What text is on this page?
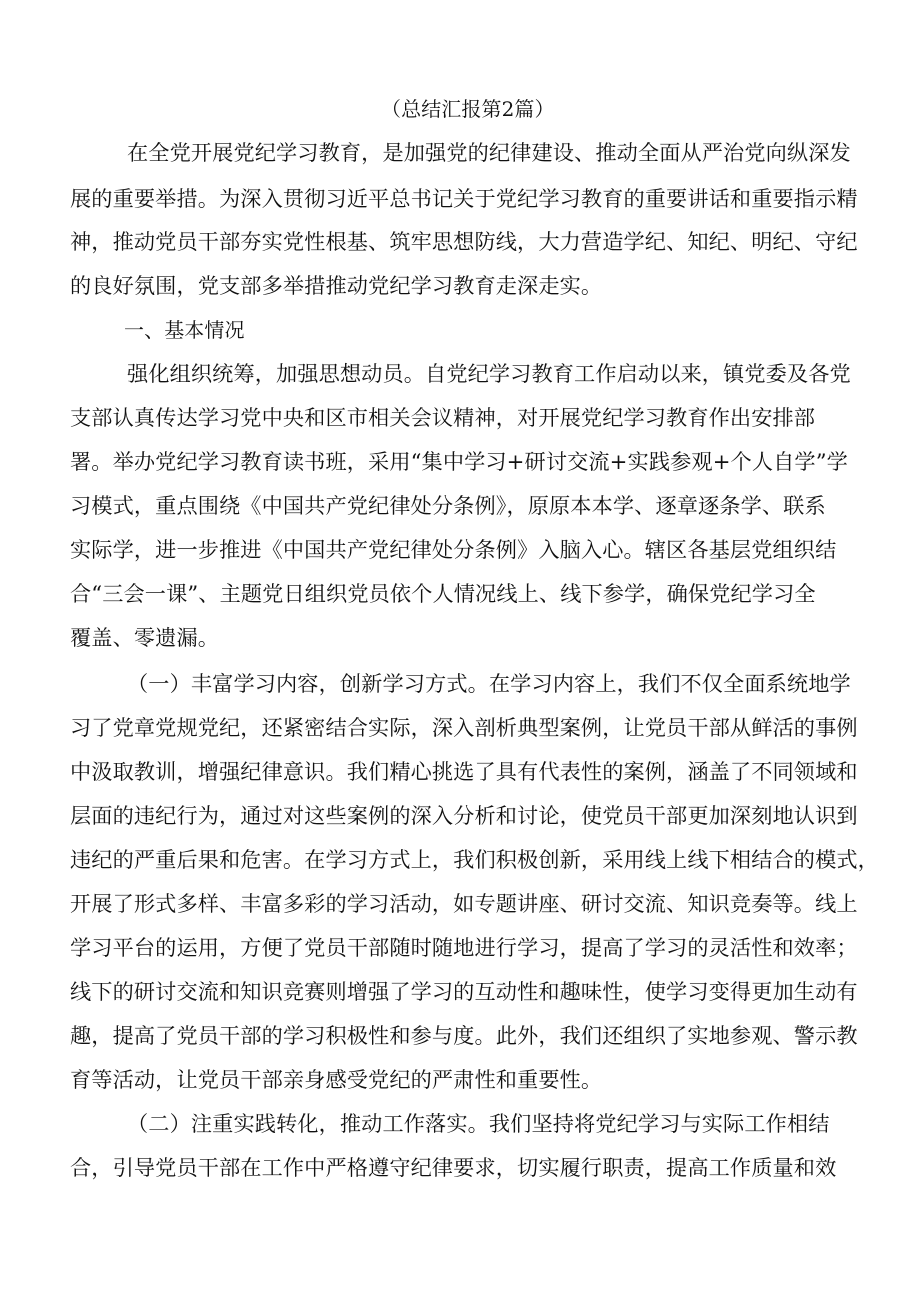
（总结汇报第2篇）
在全党开展党纪学习教育，是加强党的纪律建设、推动全面从严治党向纵深发
展的重要举措。为深入贯彻习近平总书记关于党纪学习教育的重要讲话和重要指示精
神，推动党员干部夯实党性根基、筑牢思想防线，大力营造学纪、知纪、明纪、守纪
的良好氛围，党支部多举措推动党纪学习教育走深走实。
一、基本情况
强化组织统筹，加强思想动员。自党纪学习教育工作启动以来，镇党委及各党
支部认真传达学习党中央和区市相关会议精神，对开展党纪学习教育作出安排部
署。举办党纪学习教育读书班，采用“集中学习+研讨交流+实践参观+个人自学”学
习模式，重点围绕《中国共产党纪律处分条例》，原原本本学、逐章逐条学、联系
实际学，进一步推进《中国共产党纪律处分条例》入脑入心。辖区各基层党组织结
合“三会一课”、主题党日组织党员依个人情况线上、线下参学，确保党纪学习全
覆盖、零遗漏。
（一）丰富学习内容，创新学习方式。在学习内容上，我们不仅全面系统地学
习了党章党规党纪，还紧密结合实际，深入剖析典型案例，让党员干部从鲜活的事例
中汲取教训，增强纪律意识。我们精心挑选了具有代表性的案例，涵盖了不同领域和
层面的违纪行为，通过对这些案例的深入分析和讨论，使党员干部更加深刻地认识到
违纪的严重后果和危害。在学习方式上，我们积极创新，采用线上线下相结合的模式，
开展了形式多样、丰富多彩的学习活动，如专题讲座、研讨交流、知识竞奏等。线上
学习平台的运用，方便了党员干部随时随地进行学习，提高了学习的灵活性和效率；
线下的研讨交流和知识竞赛则增强了学习的互动性和趣味性，使学习变得更加生动有
趣，提高了党员干部的学习积极性和参与度。此外，我们还组织了实地参观、警示教
育等活动，让党员干部亲身感受党纪的严肃性和重要性。
（二）注重实践转化，推动工作落实。我们坚持将党纪学习与实际工作相结
合，引导党员干部在工作中严格遵守纪律要求，切实履行职责，提高工作质量和效
